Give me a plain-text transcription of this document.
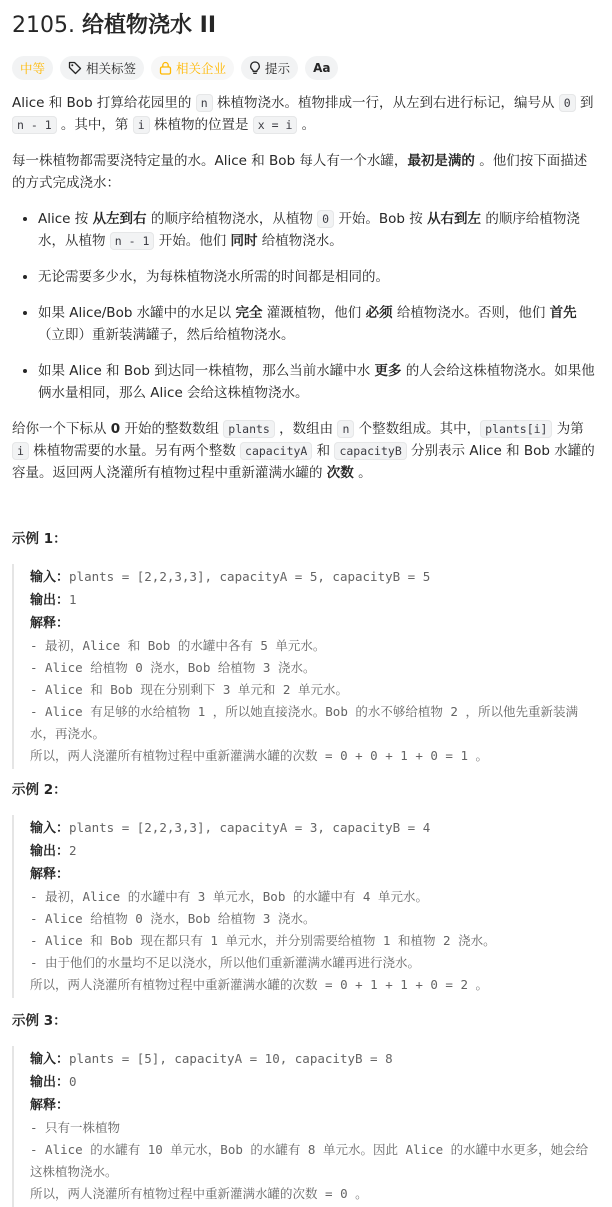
2105. 给植物浇水 II
中等	相关标签	相关企业	提示	Aa

Alice 和 Bob 打算给花园里的 n 株植物浇水。植物排成一行，从左到右进行标记，编号从 0 到
n - 1 。其中，第 i 株植物的位置是 x = i 。

每一株植物都需要浇特定量的水。Alice 和 Bob 每人有一个水罐，最初是满的 。他们按下面描述的方式完成浇水：

• Alice 按 从左到右 的顺序给植物浇水，从植物 0 开始。Bob 按 从右到左 的顺序给植物浇水，从植物 n - 1 开始。他们 同时 给植物浇水。
• 无论需要多少水，为每株植物浇水所需的时间都是相同的。
• 如果 Alice/Bob 水罐中的水足以 完全 灌溉植物，他们 必须 给植物浇水。否则，他们 首先（立即）重新装满罐子，然后给植物浇水。
• 如果 Alice 和 Bob 到达同一株植物，那么当前水罐中水 更多 的人会给这株植物浇水。如果他俩水量相同，那么 Alice 会给这株植物浇水。

给你一个下标从 0 开始的整数数组 plants ，数组由 n 个整数组成。其中， plants[i] 为第 i 株植物需要的水量。另有两个整数 capacityA 和 capacityB 分别表示 Alice 和 Bob 水罐的容量。返回两人浇灌所有植物过程中重新灌满水罐的 次数 。

示例 1：
输入：plants = [2,2,3,3], capacityA = 5, capacityB = 5
输出：1
解释：
- 最初，Alice 和 Bob 的水罐中各有 5 单元水。
- Alice 给植物 0 浇水，Bob 给植物 3 浇水。
- Alice 和 Bob 现在分别剩下 3 单元和 2 单元水。
- Alice 有足够的水给植物 1 ，所以她直接浇水。Bob 的水不够给植物 2 ，所以他先重新装满水，再浇水。
所以，两人浇灌所有植物过程中重新灌满水罐的次数 = 0 + 0 + 1 + 0 = 1 。
示例 2：
输入：plants = [2,2,3,3], capacityA = 3, capacityB = 4
输出：2
解释：
- 最初，Alice 的水罐中有 3 单元水，Bob 的水罐中有 4 单元水。
- Alice 给植物 0 浇水，Bob 给植物 3 浇水。
- Alice 和 Bob 现在都只有 1 单元水，并分别需要给植物 1 和植物 2 浇水。
- 由于他们的水量均不足以浇水，所以他们重新灌满水罐再进行浇水。
所以，两人浇灌所有植物过程中重新灌满水罐的次数 = 0 + 1 + 1 + 0 = 2 。
示例 3：
输入：plants = [5], capacityA = 10, capacityB = 8
输出：0
解释：
- 只有一株植物
- Alice 的水罐有 10 单元水，Bob 的水罐有 8 单元水。因此 Alice 的水罐中水更多，她会给这株植物浇水。
所以，两人浇灌所有植物过程中重新灌满水罐的次数 = 0 。
